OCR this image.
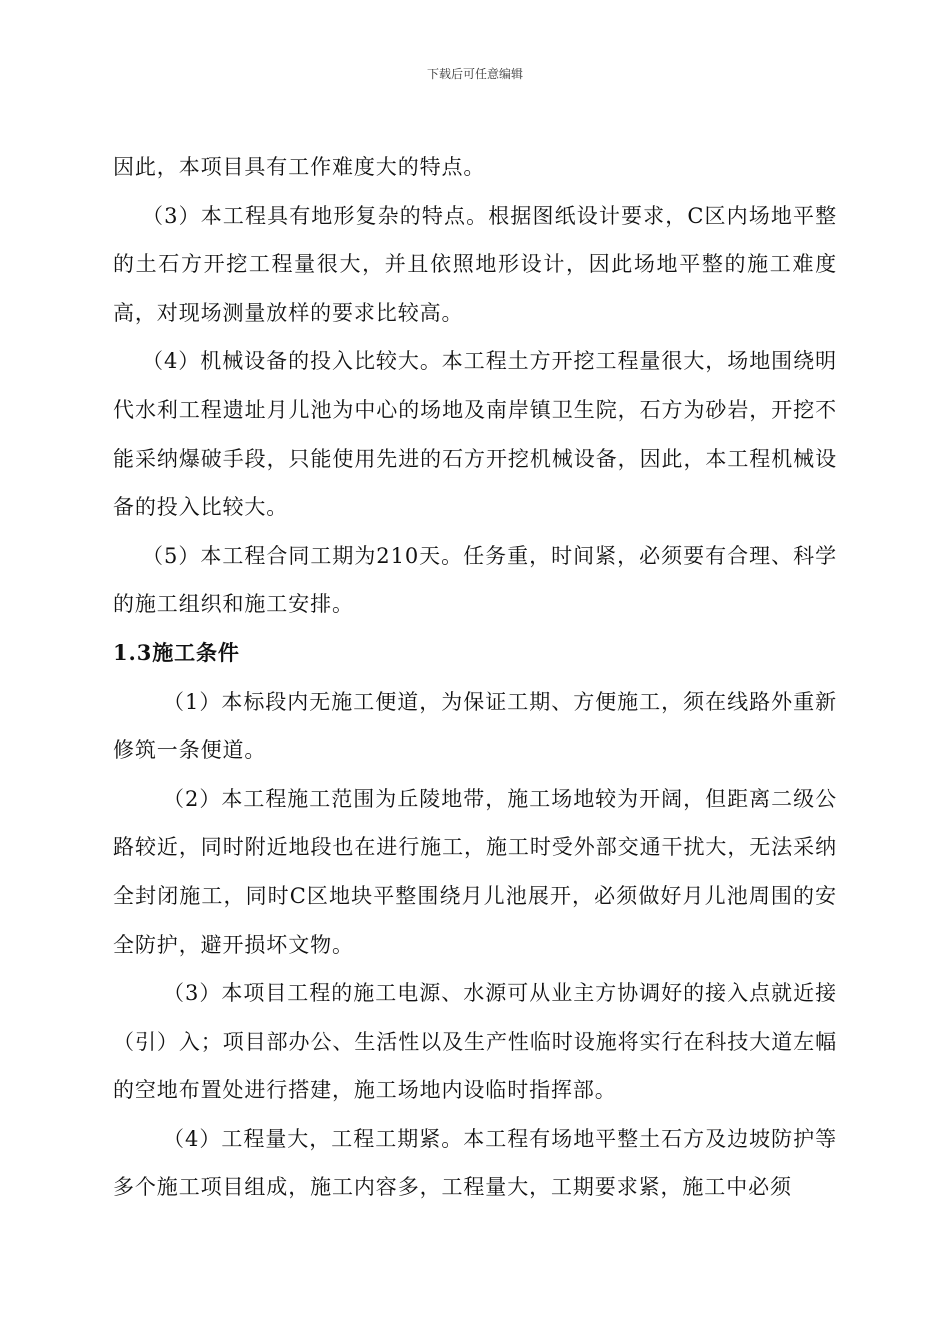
下载后可任意编辑

因此，本项目具有工作难度大的特点。

（3）本工程具有地形复杂的特点。根据图纸设计要求，C区内场地平整的土石方开挖工程量很大，并且依照地形设计，因此场地平整的施工难度高，对现场测量放样的要求比较高。

（4）机械设备的投入比较大。本工程土方开挖工程量很大，场地围绕明代水利工程遗址月儿池为中心的场地及南岸镇卫生院，石方为砂岩，开挖不能采纳爆破手段，只能使用先进的石方开挖机械设备，因此，本工程机械设备的投入比较大。

（5）本工程合同工期为210天。任务重，时间紧，必须要有合理、科学的施工组织和施工安排。

1.3施工条件

（1）本标段内无施工便道，为保证工期、方便施工，须在线路外重新修筑一条便道。

（2）本工程施工范围为丘陵地带，施工场地较为开阔，但距离二级公路较近，同时附近地段也在进行施工，施工时受外部交通干扰大，无法采纳全封闭施工，同时C区地块平整围绕月儿池展开，必须做好月儿池周围的安全防护，避开损坏文物。

（3）本项目工程的施工电源、水源可从业主方协调好的接入点就近接（引）入；项目部办公、生活性以及生产性临时设施将实行在科技大道左幅的空地布置处进行搭建，施工场地内设临时指挥部。

（4）工程量大，工程工期紧。本工程有场地平整土石方及边坡防护等多个施工项目组成，施工内容多，工程量大，工期要求紧，施工中必须
